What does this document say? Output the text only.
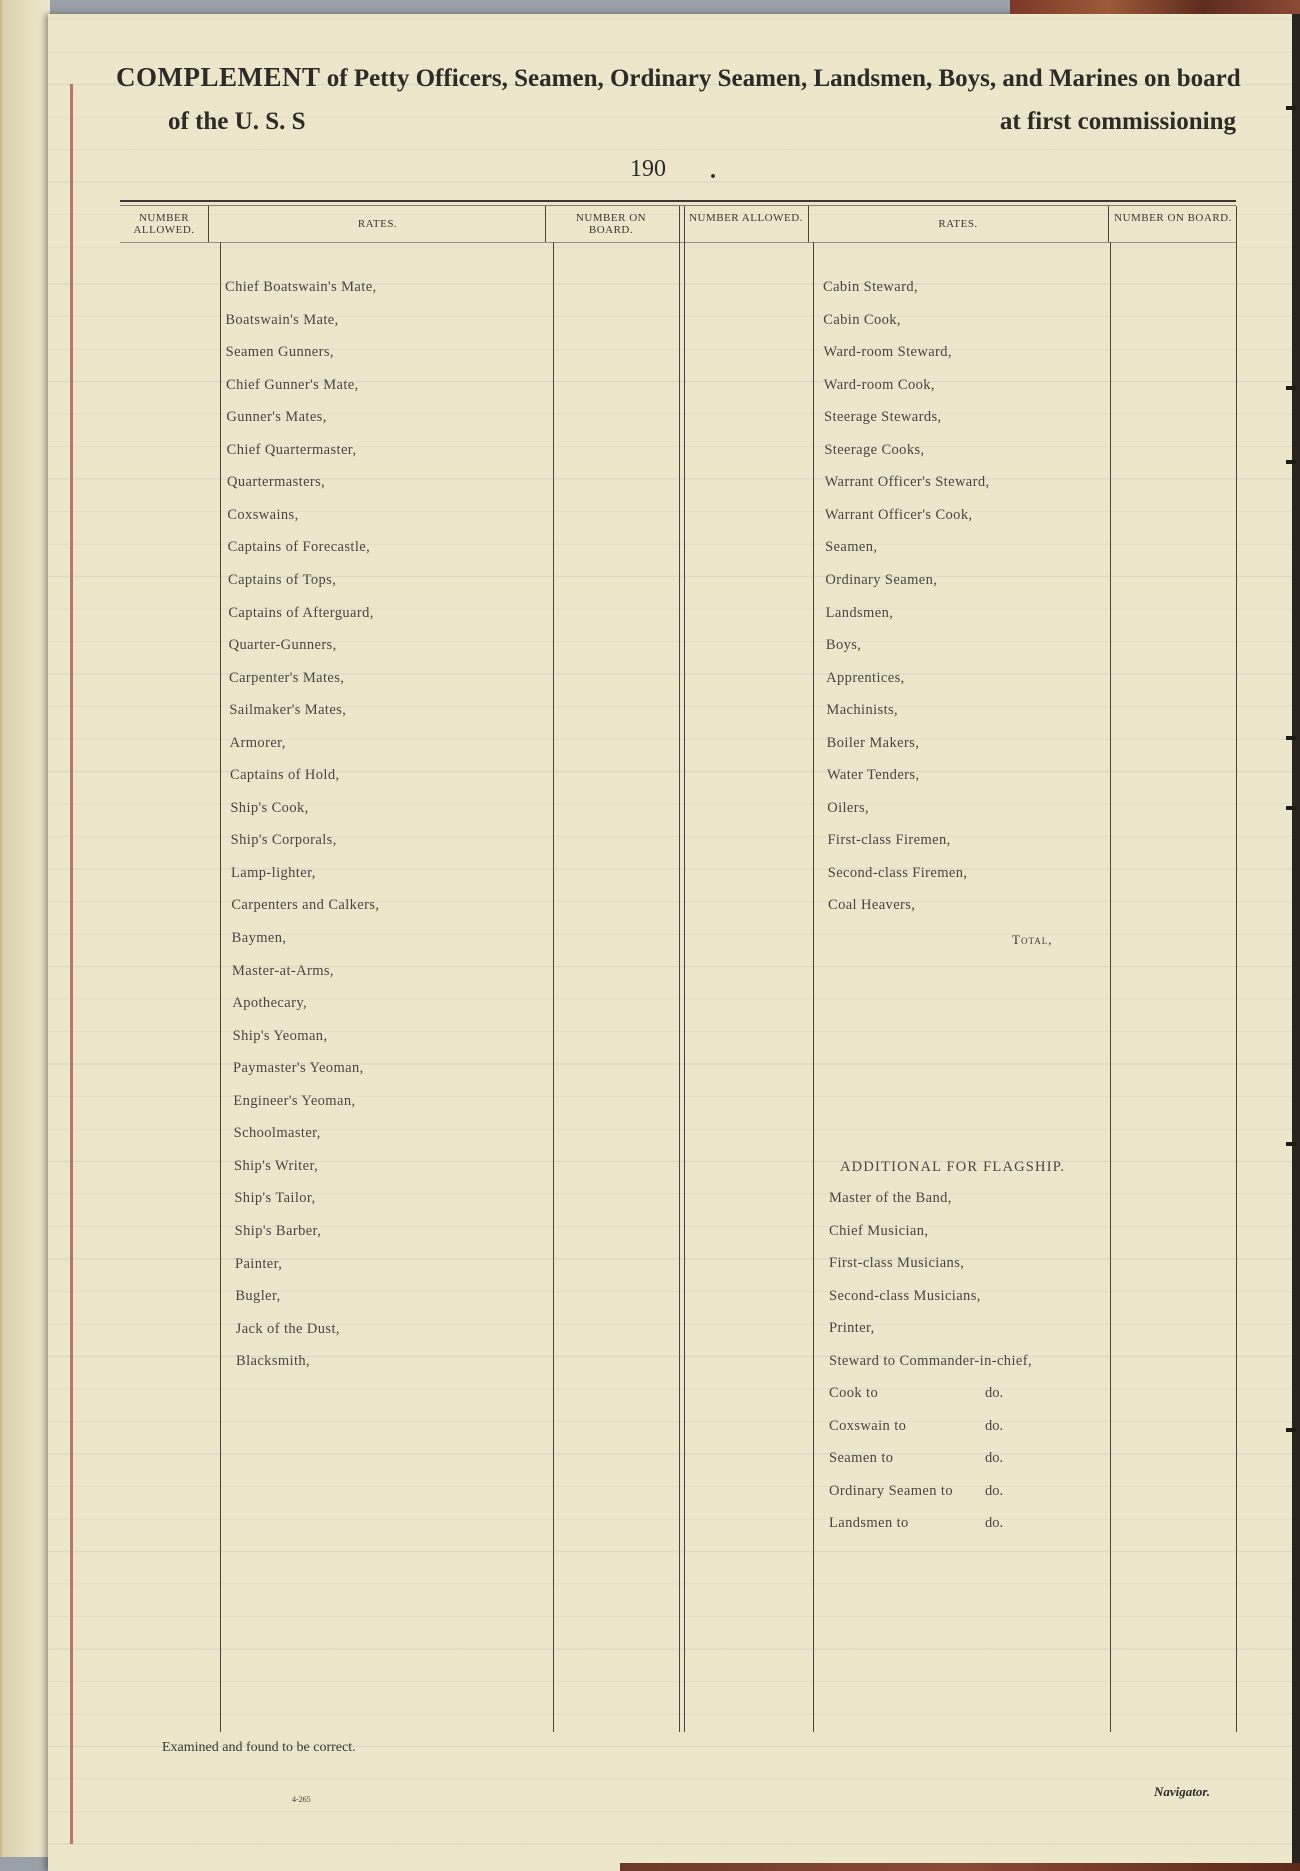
COMPLEMENT of Petty Officers, Seamen, Ordinary Seamen, Landsmen, Boys, and Marines on board
of the U. S. S	at first commissioning
190 .
NUMBER ALLOWED.	RATES.	NUMBER ON BOARD.
NUMBER ALLOWED.	RATES.	NUMBER ON BOARD.
Chief Boatswain's Mate,
Boatswain's Mate,
Seamen Gunners,
Chief Gunner's Mate,
Gunner's Mates,
Chief Quartermaster,
Quartermasters,
Coxswains,
Captains of Forecastle,
Captains of Tops,
Captains of Afterguard,
Quarter-Gunners,
Carpenter's Mates,
Sailmaker's Mates,
Armorer,
Captains of Hold,
Ship's Cook,
Ship's Corporals,
Lamp-lighter,
Carpenters and Calkers,
Baymen,
Master-at-Arms,
Apothecary,
Ship's Yeoman,
Paymaster's Yeoman,
Engineer's Yeoman,
Schoolmaster,
Ship's Writer,
Ship's Tailor,
Ship's Barber,
Painter,
Bugler,
Jack of the Dust,
Blacksmith,
Cabin Steward,
Cabin Cook,
Ward-room Steward,
Ward-room Cook,
Steerage Stewards,
Steerage Cooks,
Warrant Officer's Steward,
Warrant Officer's Cook,
Seamen,
Ordinary Seamen,
Landsmen,
Boys,
Apprentices,
Machinists,
Boiler Makers,
Water Tenders,
Oilers,
First-class Firemen,
Second-class Firemen,
Coal Heavers,
Total,
ADDITIONAL FOR FLAGSHIP.
Master of the Band,
Chief Musician,
First-class Musicians,
Second-class Musicians,
Printer,
Steward to Commander-in-chief,
Cook to	do.
Coxswain to	do.
Seamen to	do.
Ordinary Seamen to do.
Landsmen to	do.
Examined and found to be correct.
4-265
Navigator.
